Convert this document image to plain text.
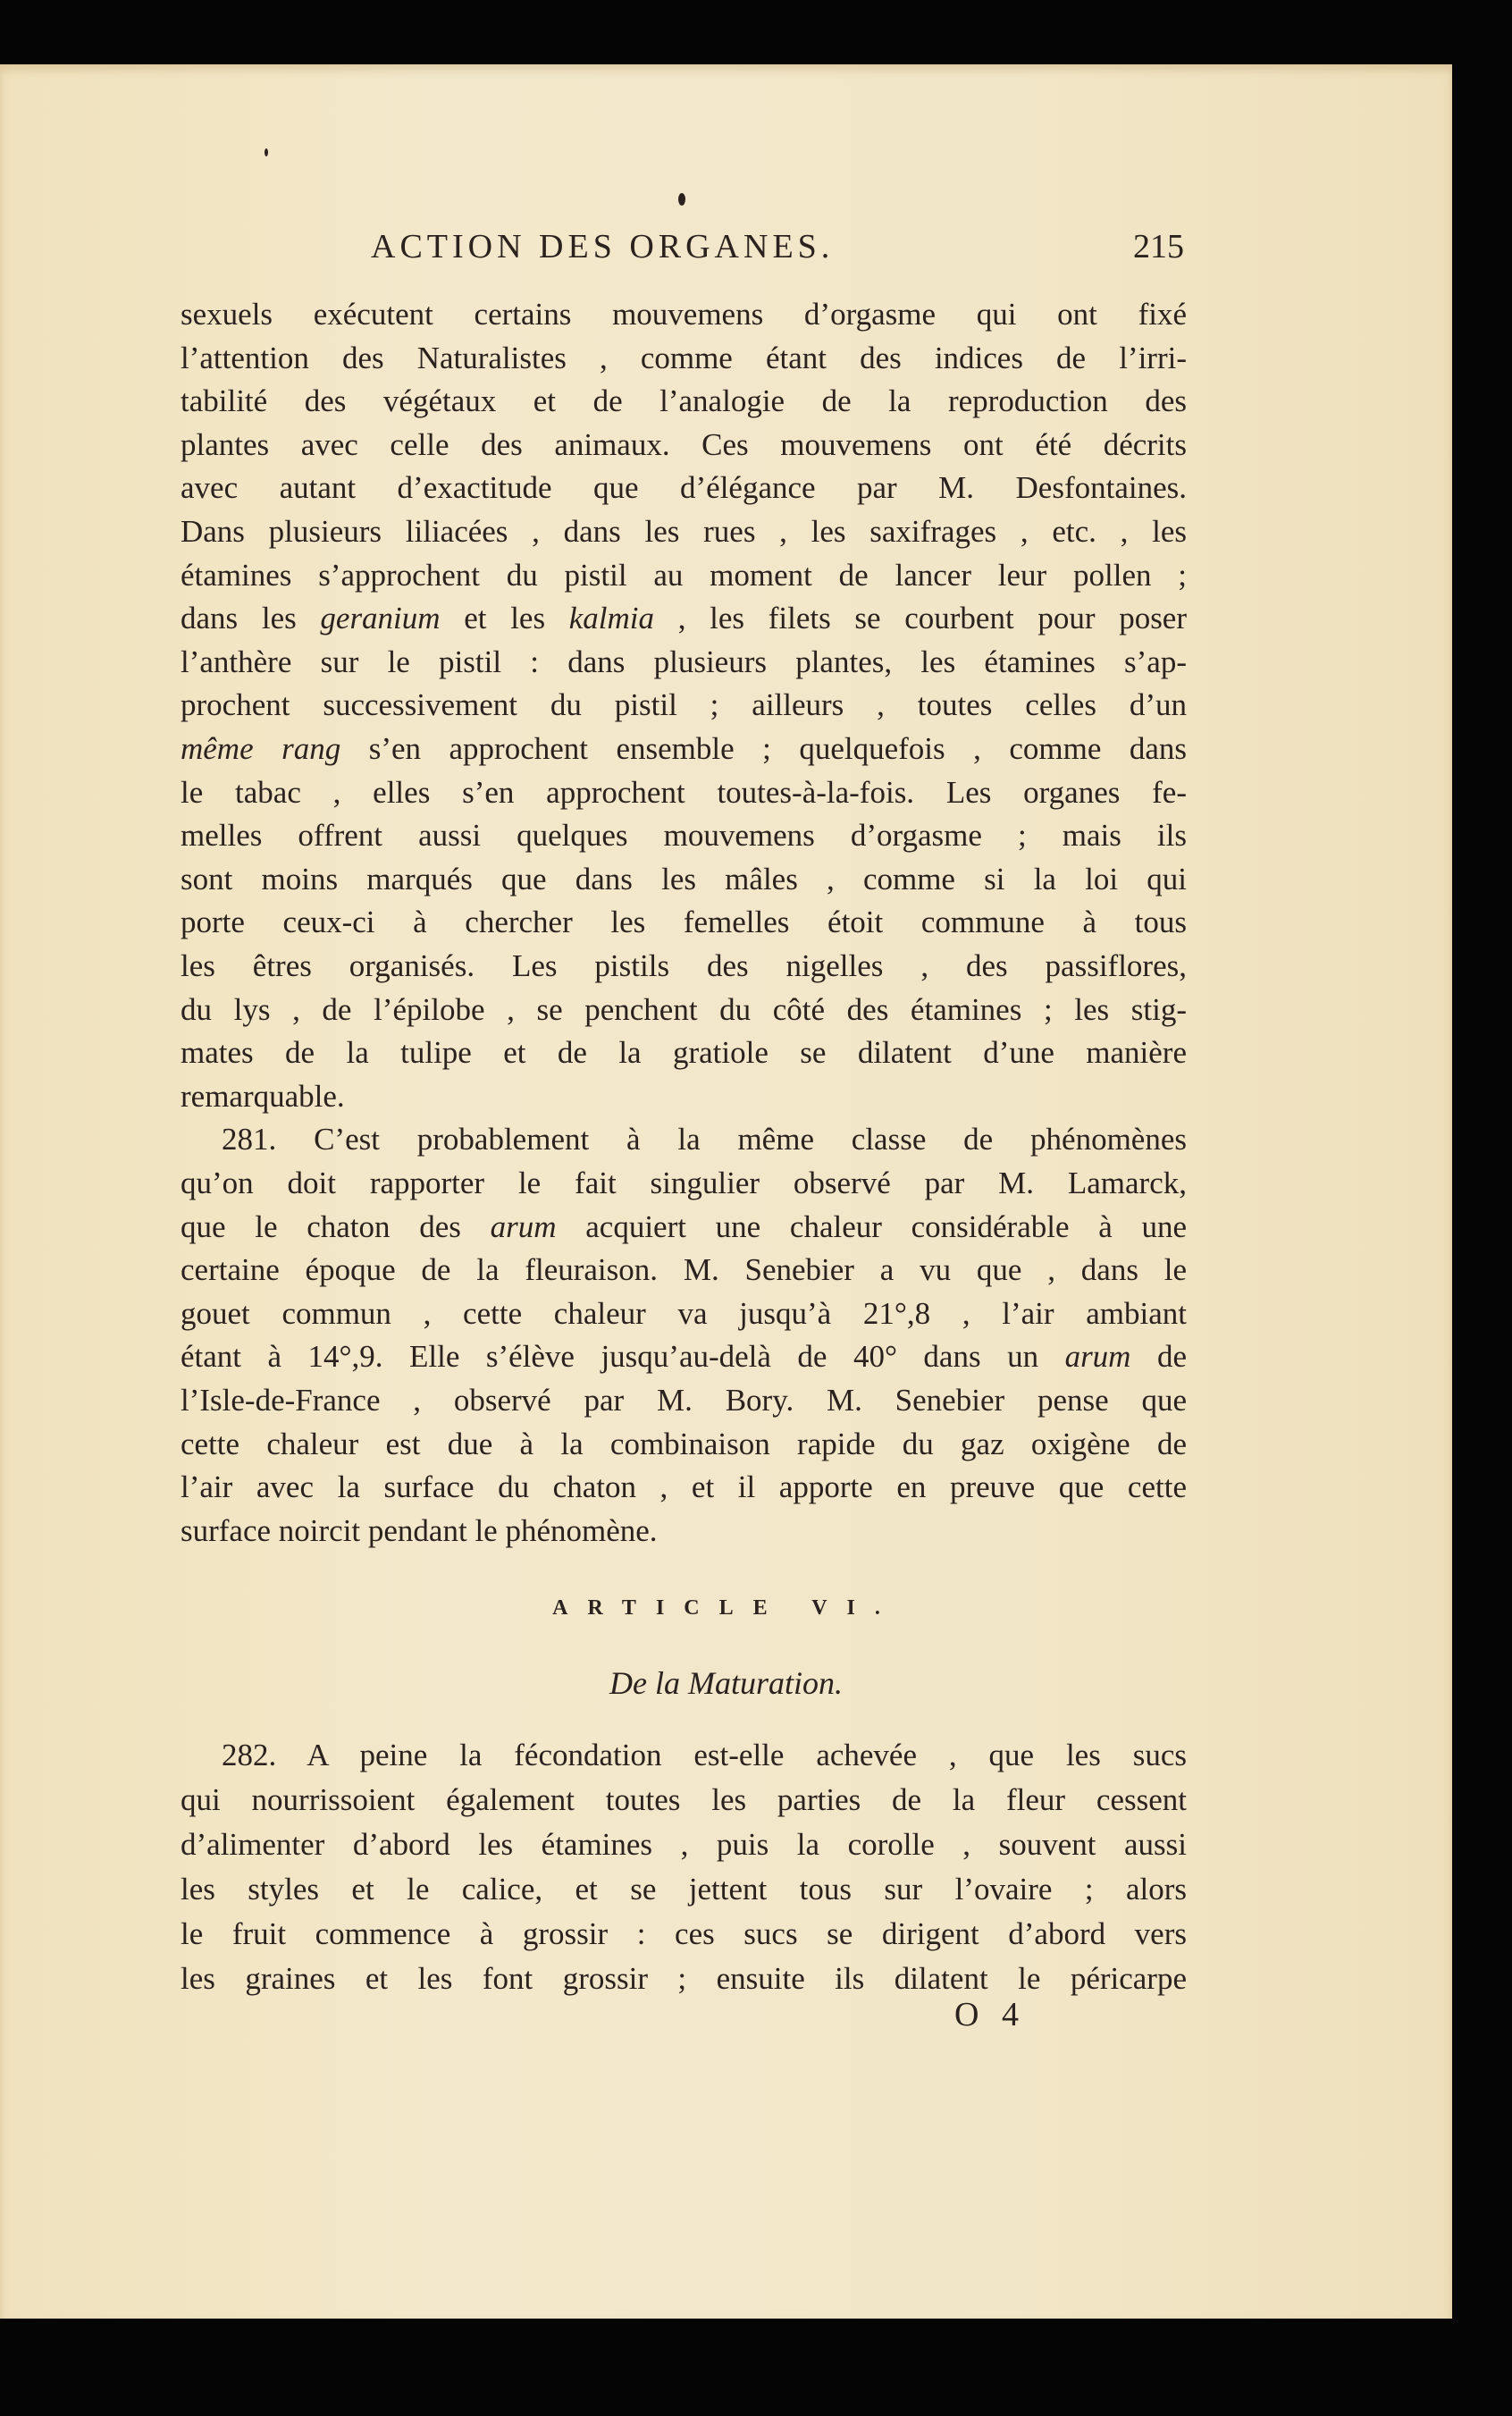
ACTION DES ORGANES.	215
sexuels exécutent certains mouvemens d’orgasme qui ont fixé
l’attention des Naturalistes , comme étant des indices de l’irri-
tabilité des végétaux et de l’analogie de la reproduction des
plantes avec celle des animaux. Ces mouvemens ont été décrits
avec autant d’exactitude que d’élégance par M. Desfontaines.
Dans plusieurs liliacées , dans les rues , les saxifrages , etc. , les
étamines s’approchent du pistil au moment de lancer leur pollen ;
dans les geranium et les kalmia , les filets se courbent pour poser
l’anthère sur le pistil : dans plusieurs plantes, les étamines s’ap-
prochent successivement du pistil ; ailleurs , toutes celles d’un
même rang s’en approchent ensemble ; quelquefois , comme dans
le tabac , elles s’en approchent toutes-à-la-fois. Les organes fe-
melles offrent aussi quelques mouvemens d’orgasme ; mais ils
sont moins marqués que dans les mâles , comme si la loi qui
porte ceux-ci à chercher les femelles étoit commune à tous
les êtres organisés. Les pistils des nigelles , des passiflores,
du lys , de l’épilobe , se penchent du côté des étamines ; les stig-
mates de la tulipe et de la gratiole se dilatent d’une manière
remarquable.
281. C’est probablement à la même classe de phénomènes
qu’on doit rapporter le fait singulier observé par M. Lamarck,
que le chaton des arum acquiert une chaleur considérable à une
certaine époque de la fleuraison. M. Senebier a vu que , dans le
gouet commun , cette chaleur va jusqu’à 21°,8 , l’air ambiant
étant à 14°,9. Elle s’élève jusqu’au-delà de 40° dans un arum de
l’Isle-de-France , observé par M. Bory. M. Senebier pense que
cette chaleur est due à la combinaison rapide du gaz oxigène de
l’air avec la surface du chaton , et il apporte en preuve que cette
surface noircit pendant le phénomène.
ARTICLE VI.
De la Maturation.
282. A peine la fécondation est-elle achevée , que les sucs
qui nourrissoient également toutes les parties de la fleur cessent
d’alimenter d’abord les étamines , puis la corolle , souvent aussi
les styles et le calice, et se jettent tous sur l’ovaire ; alors
le fruit commence à grossir : ces sucs se dirigent d’abord vers
les graines et les font grossir ; ensuite ils dilatent le péricarpe
O 4
